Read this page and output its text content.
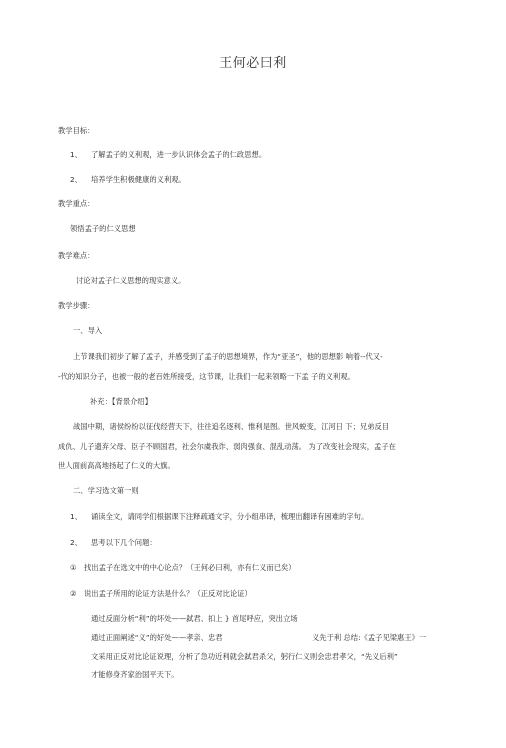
王何必曰利
教学目标：
1、 了解孟子的义利观，进一步认识体会孟子的仁政思想。
2、 培养学生积极健康的义利观。
教学重点：
领悟孟子的仁义思想
教学难点：
讨论对孟子仁义思想的现实意义。
教学步骤：
一、导入
上节课我们初步了解了孟子，并感受到了孟子的思想境界，作为“亚圣”，他的思想影 响着--代又-
-代的知识分子，也被一般的老百姓所接受，这节课，让我们一起来领略一下孟 子的义利观。
补充：【背景介绍】
战国中期，诸侯纷纷以征伐经营天下，往往追名逐利、惟利是图。世风蜕变，江河日 下；兄弟反目
成仇、儿子遗弃父母、臣子不顾国君，社会尔虞我诈、弱肉强食、混乱动荡。 为了改变社会现实，孟子在
世人面前高高地扬起了仁义的大旗。
二、学习选文第一则
1、 诵读全文，请同学们根据课下注释疏通文字，分小组串译，梳理出翻译有困难的字句。
2、 思考以下几个问题：
① 找出孟子在选文中的中心论点？（王何必曰利，亦有仁义而已矣）
② 说出孟子所用的论证方法是什么？（正反对比论证）
通过反面分析“利”的坏处——弑君、扣上 } 首尾呼应，突出立场
通过正面阐述“义”的好处——孝亲、忠君	义先于利 总结:《孟子见梁惠王》一
文采用正反对比论证说理，分析了急功近利就会弑君杀父，躬行仁义则会忠君孝父，“先义后利”
才能修身齐家治国平天下。
